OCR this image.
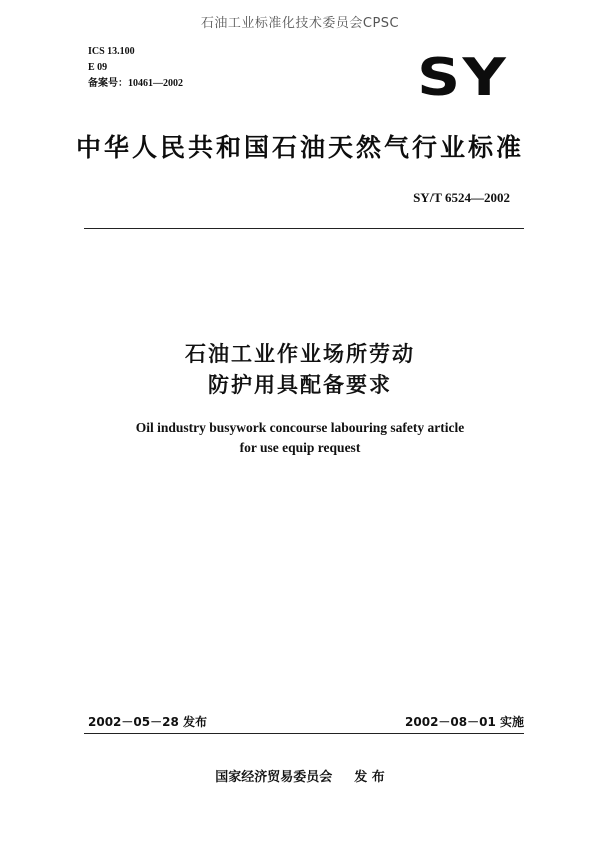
石油工业标准化技术委员会CPSC
ICS 13.100
E 09
备案号：10461—2002	SY
中华人民共和国石油天然气行业标准
SY/T 6524—2002
石油工业作业场所劳动
防护用具配备要求
Oil industry busywork concourse labouring safety article
for use equip request
2002－05－28 发布	2002－08－01 实施
国家经济贸易委员会 发 布
